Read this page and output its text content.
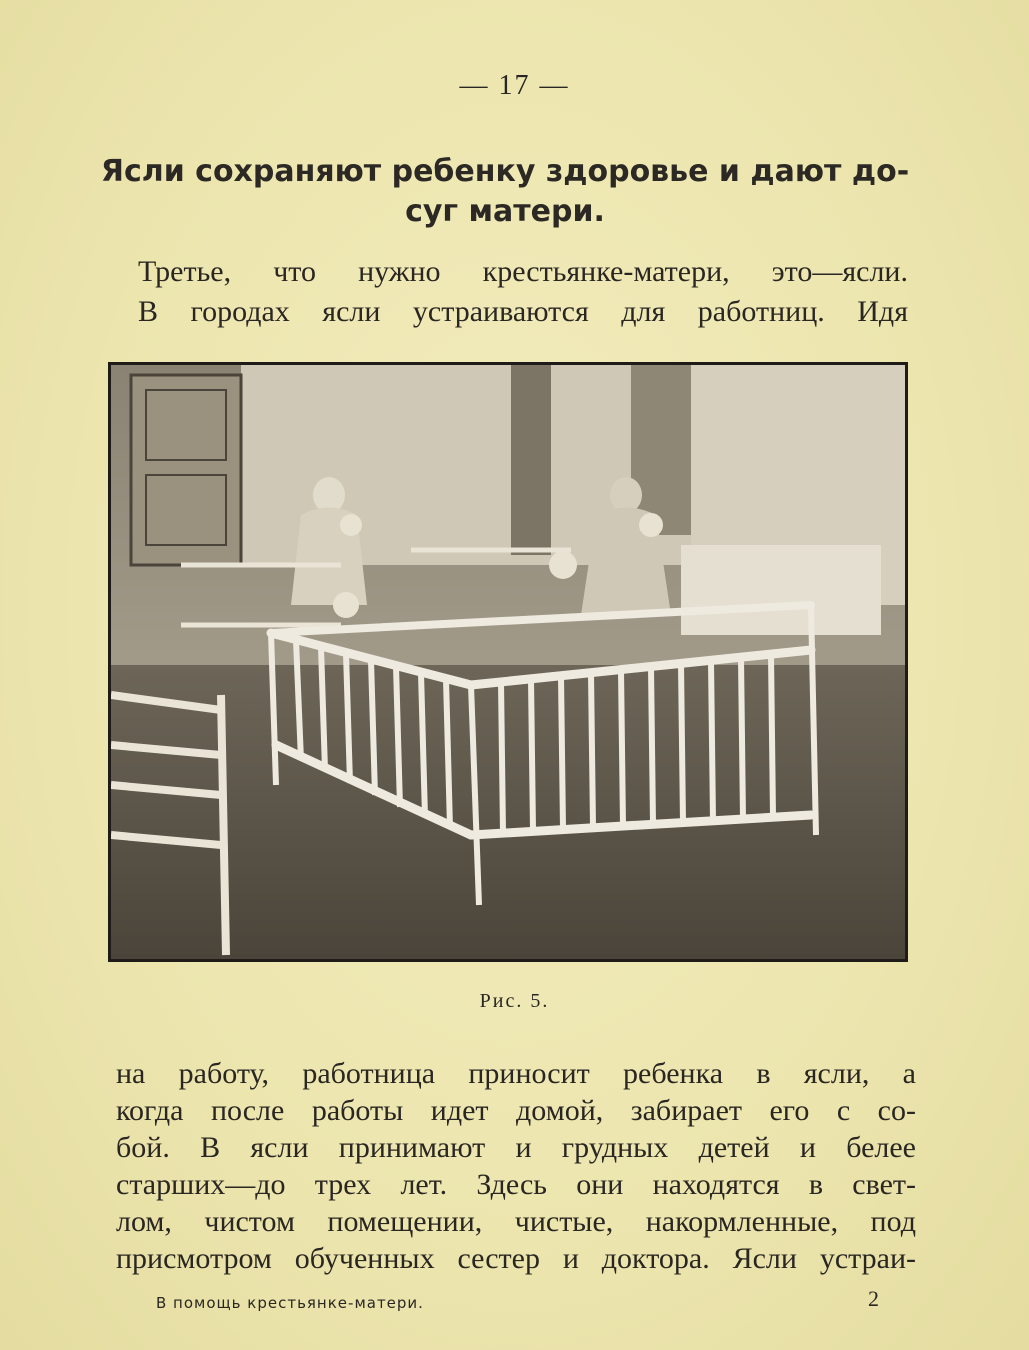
— 17 —
Ясли сохраняют ребенку здоровье и дают до-
суг матери.
Третье, что нужно крестьянке-матери, это—ясли.
В городах ясли устраиваются для работниц. Идя
Рис. 5.
на работу, работница приносит ребенка в ясли, а
когда после работы идет домой, забирает его с со-
бой. В ясли принимают и грудных детей и белее
старших—до трех лет. Здесь они находятся в свет-
лом, чистом помещении, чистые, накормленные, под
присмотром обученных сестер и доктора. Ясли устраи-
В помощь крестьянке-матери.	2
